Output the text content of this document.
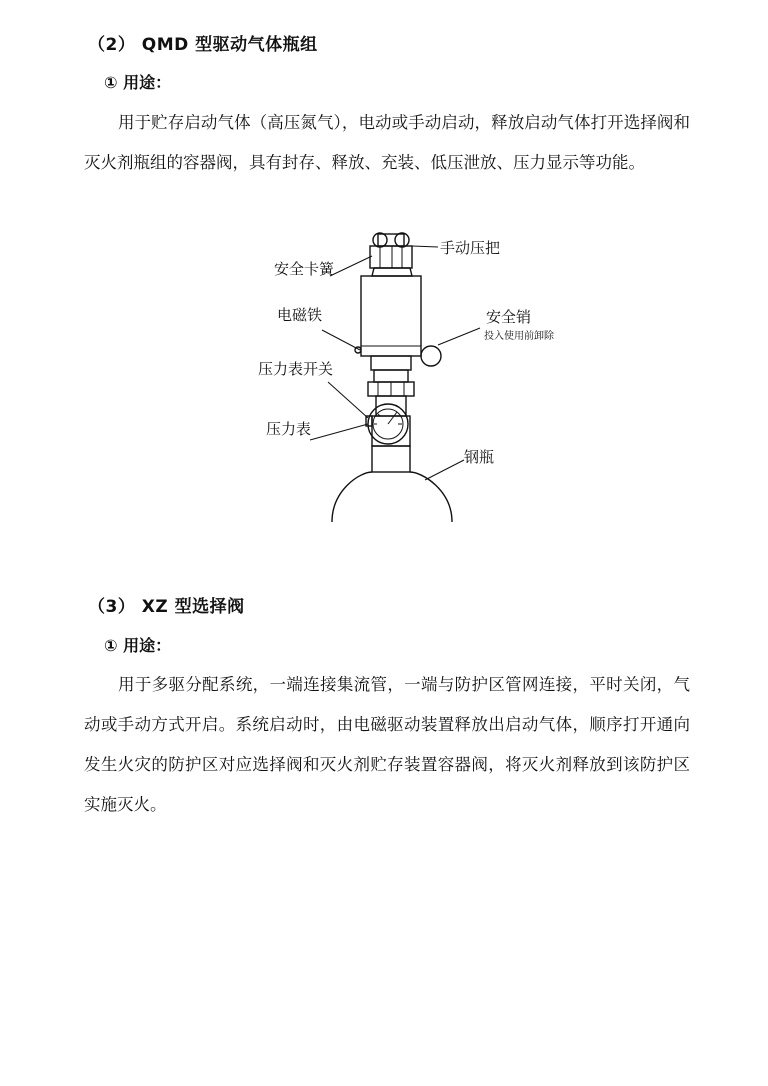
（2） QMD 型驱动气体瓶组
① 用途：

用于贮存启动气体（高压氮气），电动或手动启动，释放启动气体打开选择阀和灭火剂瓶组的容器阀，具有封存、释放、充装、低压泄放、压力显示等功能。

手动压把
安全卡簧
电磁铁	安全销
投入使用前卸除
压力表开关
压力表
钢瓶
（3） XZ 型选择阀
① 用途：

用于多驱分配系统，一端连接集流管，一端与防护区管网连接，平时关闭，气动或手动方式开启。系统启动时，由电磁驱动装置释放出启动气体，顺序打开通向发生火灾的防护区对应选择阀和灭火剂贮存装置容器阀，将灭火剂释放到该防护区实施灭火。
